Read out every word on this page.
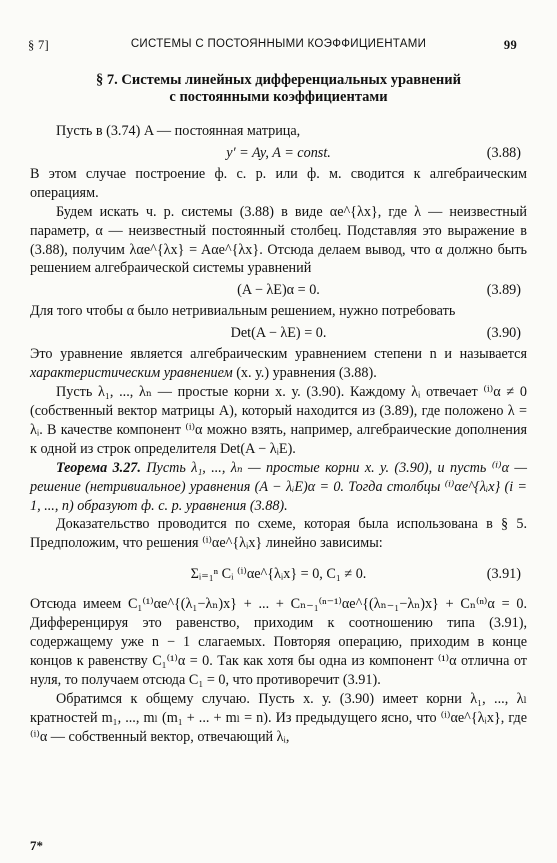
§ 7]	СИСТЕМЫ С ПОСТОЯННЫМИ КОЭФФИЦИЕНТАМИ	99
§ 7. Системы линейных дифференциальных уравнений
с постоянными коэффициентами

Пусть в (3.74) A — постоянная матрица,

y′ = Ay, A = const.	(3.88)

В этом случае построение ф. с. р. или ф. м. сводится к алгебраическим операциям.

Будем искать ч. р. системы (3.88) в виде αe^{λx}, где λ — неизвестный параметр, α — неизвестный постоянный столбец. Подставляя это выражение в (3.88), получим λαe^{λx} = Aαe^{λx}. Отсюда делаем вывод, что α должно быть решением алгебраической системы уравнений

(A − λE)α = 0.	(3.89)

Для того чтобы α было нетривиальным решением, нужно потребовать

Det(A − λE) = 0.	(3.90)

Это уравнение является алгебраическим уравнением степени n и называется характеристическим уравнением (х. у.) уравнения (3.88).

Пусть λ₁, ..., λₙ — простые корни х. у. (3.90). Каждому λᵢ отвечает ⁽ⁱ⁾α ≠ 0 (собственный вектор матрицы A), который находится из (3.89), где положено λ = λᵢ. В качестве компонент ⁽ⁱ⁾α можно взять, например, алгебраические дополнения к одной из строк определителя Det(A − λᵢE).

Теорема 3.27. Пусть λ₁, ..., λₙ — простые корни х. у. (3.90), и пусть ⁽ⁱ⁾α — решение (нетривиальное) уравнения (A − λᵢE)α = 0. Тогда столбцы ⁽ⁱ⁾αe^{λᵢx} (i = 1, ..., n) образуют ф. с. р. уравнения (3.88).

Доказательство проводится по схеме, которая была использована в § 5. Предположим, что решения ⁽ⁱ⁾αe^{λᵢx} линейно зависимы:

Σᵢ₌₁ⁿ Cᵢ ⁽ⁱ⁾αe^{λᵢx} = 0, C₁ ≠ 0.	(3.91)

Отсюда имеем C₁⁽¹⁾αe^{(λ₁−λₙ)x} + ... + Cₙ₋₁⁽ⁿ⁻¹⁾αe^{(λₙ₋₁−λₙ)x} + Cₙ⁽ⁿ⁾α = 0. Дифференцируя это равенство, приходим к соотношению типа (3.91), содержащему уже n − 1 слагаемых. Повторяя операцию, приходим в конце концов к равенству C₁⁽¹⁾α = 0. Так как хотя бы одна из компонент ⁽¹⁾α отлична от нуля, то получаем отсюда C₁ = 0, что противоречит (3.91).

Обратимся к общему случаю. Пусть х. у. (3.90) имеет корни λ₁, ..., λₗ кратностей m₁, ..., mₗ (m₁ + ... + mₗ = n). Из предыдущего ясно, что ⁽ⁱ⁾αe^{λᵢx}, где ⁽ⁱ⁾α — собственный вектор, отвечающий λᵢ,

7*
